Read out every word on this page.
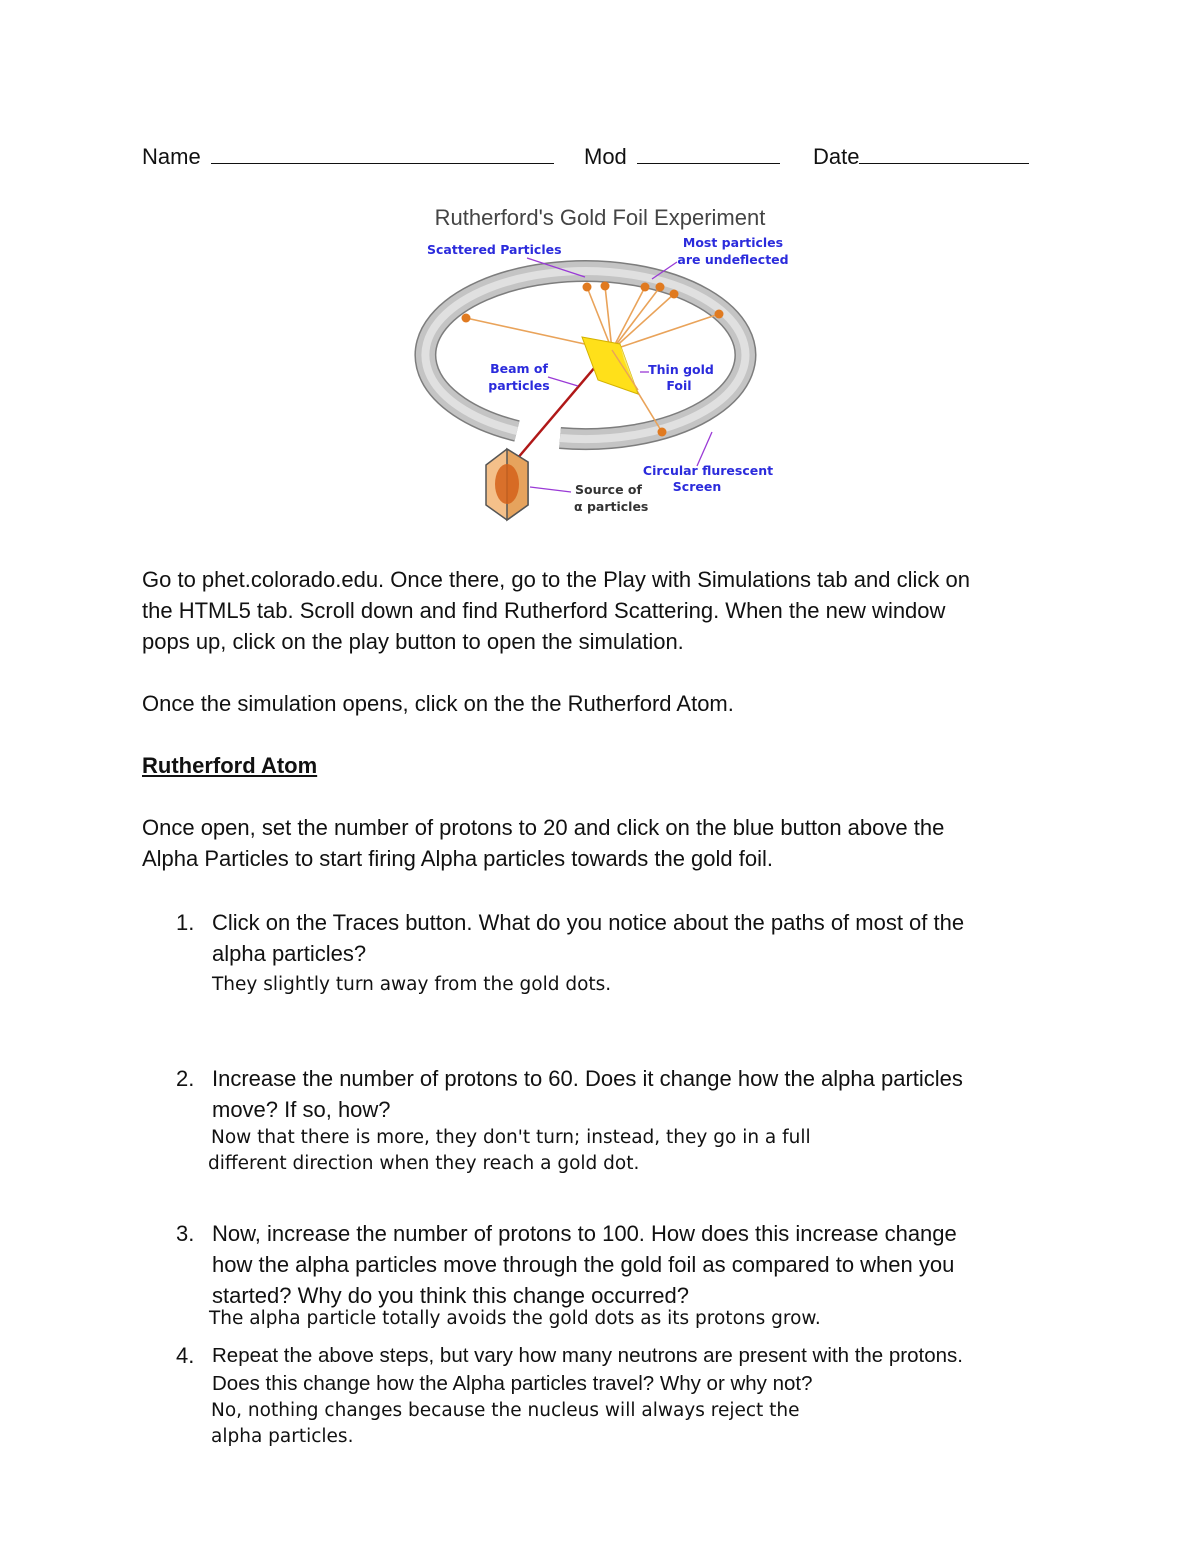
Name	Mod	Date
Rutherford's Gold Foil Experiment
Scattered Particles	Most particles
are undeflected
Beam of
particles
Thin gold
Foil
Circular flurescent
Screen
Source of
α particles
Go to phet.colorado.edu. Once there, go to the Play with Simulations tab and click on
the HTML5 tab. Scroll down and find Rutherford Scattering. When the new window
pops up, click on the play button to open the simulation.
Once the simulation opens, click on the the Rutherford Atom.
Rutherford Atom
Once open, set the number of protons to 20 and click on the blue button above the
Alpha Particles to start firing Alpha particles towards the gold foil.
1. Click on the Traces button. What do you notice about the paths of most of the
alpha particles?
They slightly turn away from the gold dots.
2. Increase the number of protons to 60. Does it change how the alpha particles
move? If so, how?
Now that there is more, they don't turn; instead, they go in a full
different direction when they reach a gold dot.
3. Now, increase the number of protons to 100. How does this increase change
how the alpha particles move through the gold foil as compared to when you
started? Why do you think this change occurred?
The alpha particle totally avoids the gold dots as its protons grow.
4. Repeat the above steps, but vary how many neutrons are present with the protons.
Does this change how the Alpha particles travel? Why or why not?
No, nothing changes because the nucleus will always reject the
alpha particles.
